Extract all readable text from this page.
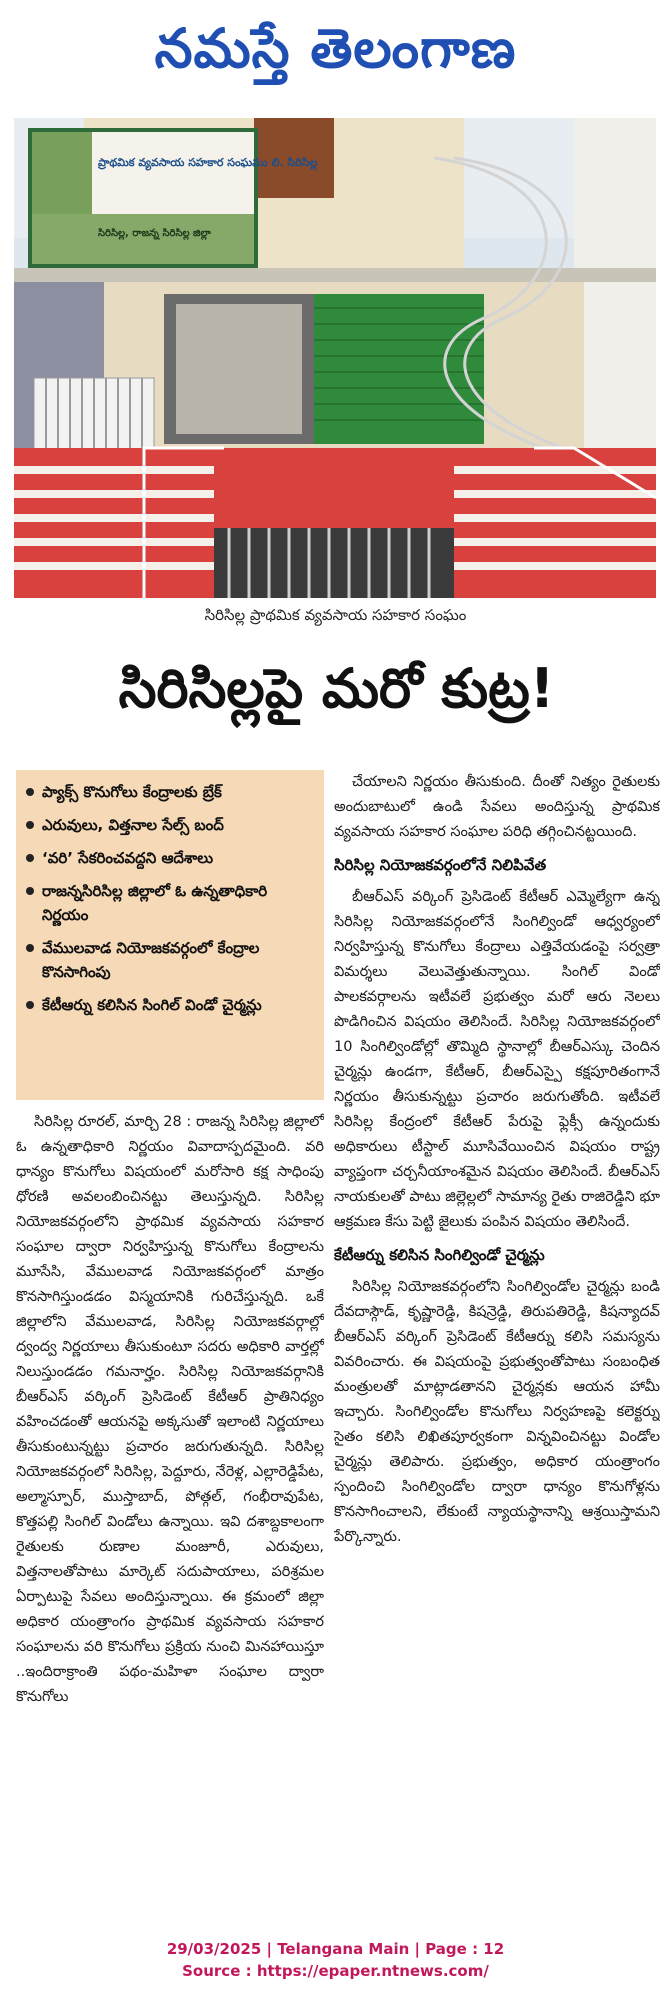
నమస్తే తెలంగాణ
ప్రాథమిక వ్యవసాయ సహకార సంఘము లి. సిరిసిల్ల
సిరిసిల్ల, రాజన్న సిరిసిల్ల జిల్లా
సిరిసిల్ల ప్రాథమిక వ్యవసాయ సహకార సంఘం
సిరిసిల్లపై మరో కుట్ర!
ప్యాక్స్ కొనుగోలు కేంద్రాలకు బ్రేక్
ఎరువులు, విత్తనాల సేల్స్ బంద్
‘వరి’ సేకరించవద్దని ఆదేశాలు
రాజన్నసిరిసిల్ల జిల్లాలో ఓ ఉన్నతాధికారి నిర్ణయం
వేములవాడ నియోజకవర్గంలో కేంద్రాల కొనసాగింపు
కేటీఆర్ను కలిసిన సింగిల్ విండో చైర్మన్లు

సిరిసిల్ల రూరల్, మార్చి 28 : రాజన్న సిరిసిల్ల జిల్లాలో ఓ ఉన్నతాధికారి నిర్ణయం వివాదాస్పదమైంది. వరి ధాన్యం కొనుగోలు విషయంలో మరోసారి కక్ష సాధింపు ధోరణి అవలంబించినట్టు తెలుస్తున్నది. సిరిసిల్ల నియోజకవర్గంలోని ప్రాథమిక వ్యవసాయ సహకార సంఘాల ద్వారా నిర్వహిస్తున్న కొనుగోలు కేంద్రాలను మూసేసి, వేములవాడ నియోజకవర్గంలో మాత్రం కొనసాగిస్తుండడం విస్మయానికి గురిచేస్తున్నది. ఒకే జిల్లాలోని వేములవాడ, సిరిసిల్ల నియోజకవర్గాల్లో ద్వంద్వ నిర్ణయాలు తీసుకుంటూ సదరు అధికారి వార్తల్లో నిలుస్తుండడం గమనార్హం. సిరిసిల్ల నియోజకవర్గానికి బీఆర్ఎస్ వర్కింగ్ ప్రెసిడెంట్ కేటీఆర్ ప్రాతినిధ్యం వహించడంతో ఆయనపై అక్కసుతో ఇలాంటి నిర్ణయాలు తీసుకుంటున్నట్టు ప్రచారం జరుగుతున్నది. సిరిసిల్ల నియోజకవర్గంలో సిరిసిల్ల, పెద్దూరు, నేరెళ్ల, ఎల్లారెడ్డిపేట, అల్మాస్పూర్, ముస్తాబాద్, పోత్గల్, గంభీరావుపేట, కొత్తపల్లి సింగిల్ విండోలు ఉన్నాయి. ఇవి దశాబ్దకాలంగా రైతులకు రుణాల మంజూరీ, ఎరువులు, విత్తనాలతోపాటు మార్కెట్ సదుపాయాలు, పరిశ్రమల ఏర్పాటుపై సేవలు అందిస్తున్నాయి. ఈ క్రమంలో జిల్లా అధికార యంత్రాంగం ప్రాథమిక వ్యవసాయ సహకార సంఘాలను వరి కొనుగోలు ప్రక్రియ నుంచి మినహాయిస్తూ ..ఇందిరాక్రాంతి పథం-మహిళా సంఘాల ద్వారా కొనుగోలు

చేయాలని నిర్ణయం తీసుకుంది. దీంతో నిత్యం రైతులకు అందుబాటులో ఉండి సేవలు అందిస్తున్న ప్రాథమిక వ్యవసాయ సహకార సంఘాల పరిధి తగ్గించినట్టయింది.

సిరిసిల్ల నియోజకవర్గంలోనే నిలిపివేత

బీఆర్ఎస్ వర్కింగ్ ప్రెసిడెంట్ కేటీఆర్ ఎమ్మెల్యేగా ఉన్న సిరిసిల్ల నియోజకవర్గంలోనే సింగిల్విండో ఆధ్వర్యంలో నిర్వహిస్తున్న కొనుగోలు కేంద్రాలు ఎత్తివేయడంపై సర్వత్రా విమర్శలు వెలువెత్తుతున్నాయి. సింగిల్ విండో పాలకవర్గాలను ఇటీవలే ప్రభుత్వం మరో ఆరు నెలలు పొడిగించిన విషయం తెలిసిందే. సిరిసిల్ల నియోజకవర్గంలో 10 సింగిల్విండోల్లో తొమ్మిది స్థానాల్లో బీఆర్ఎస్కు చెందిన చైర్మన్లు ఉండగా, కేటీఆర్, బీఆర్ఎస్పై కక్షపూరితంగానే నిర్ణయం తీసుకున్నట్టు ప్రచారం జరుగుతోంది. ఇటీవలే సిరిసిల్ల కేంద్రంలో కేటీఆర్ పేరుపై ఫ్లెక్సీ ఉన్నందుకు అధికారులు టీస్టాల్ మూసివేయించిన విషయం రాష్ట్ర వ్యాప్తంగా చర్చనీయాంశమైన విషయం తెలిసిందే. బీఆర్ఎస్ నాయకులతో పాటు జిల్లెల్లలో సామాన్య రైతు రాజిరెడ్డిని భూ ఆక్రమణ కేసు పెట్టి జైలుకు పంపిన విషయం తెలిసిందే.

కేటీఆర్ను కలిసిన సింగిల్విండో చైర్మన్లు

సిరిసిల్ల నియోజకవర్గంలోని సింగిల్విండోల చైర్మన్లు బండి దేవదాస్గౌడ్, కృష్ణారెడ్డి, కిషన్రెడ్డి, తిరుపతిరెడ్డి, కిషన్యాదవ్ బీఆర్ఎస్ వర్కింగ్ ప్రెసిడెంట్ కేటీఆర్ను కలిసి సమస్యను వివరించారు. ఈ విషయంపై ప్రభుత్వంతోపాటు సంబంధిత మంత్రులతో మాట్లాడతానని చైర్మన్లకు ఆయన హామీ ఇచ్చారు. సింగిల్విండోల కొనుగోలు నిర్వహణపై కలెక్టర్ను సైతం కలిసి లిఖితపూర్వకంగా విన్నవించినట్టు విండోల చైర్మన్లు తెలిపారు. ప్రభుత్వం, అధికార యంత్రాంగం స్పందించి సింగిల్విండోల ద్వారా ధాన్యం కొనుగోళ్లను కొనసాగించాలని, లేకుంటే న్యాయస్థానాన్ని ఆశ్రయిస్తామని పేర్కొన్నారు.

29/03/2025 | Telangana Main | Page : 12
Source : https://epaper.ntnews.com/
